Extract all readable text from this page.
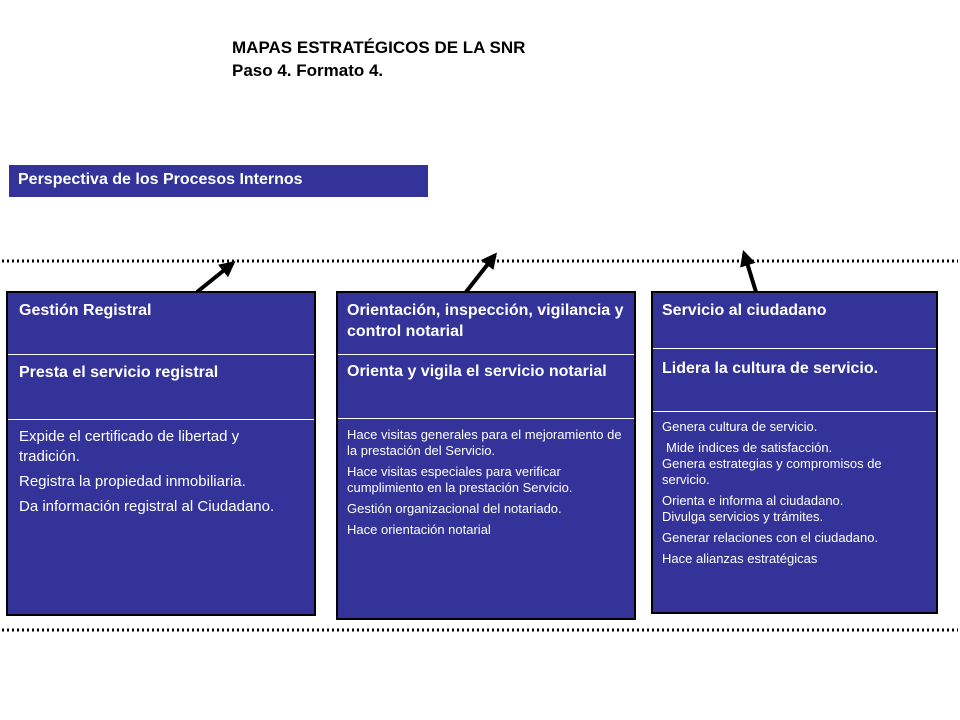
MAPAS ESTRATÉGICOS DE LA SNR
Paso 4. Formato 4.
Perspectiva de los Procesos Internos
Gestión Registral
Presta el servicio registral

Expide el certificado de libertad y tradición.

Registra la propiedad inmobiliaria.

Da información registral al Ciudadano.

Orientación, inspección, vigilancia y control notarial
Orienta y vigila el servicio notarial

Hace visitas generales para el mejoramiento de la prestación del Servicio.

Hace visitas especiales para verificar cumplimiento en la prestación Servicio.

Gestión organizacional del notariado.

Hace orientación notarial

Servicio al ciudadano
Lidera la cultura de servicio.

Genera cultura de servicio.

Mide índices de satisfacción.

Genera estrategias y compromisos de servicio.

Orienta e informa al ciudadano.

Divulga servicios y trámites.

Generar relaciones con el ciudadano.

Hace alianzas estratégicas
